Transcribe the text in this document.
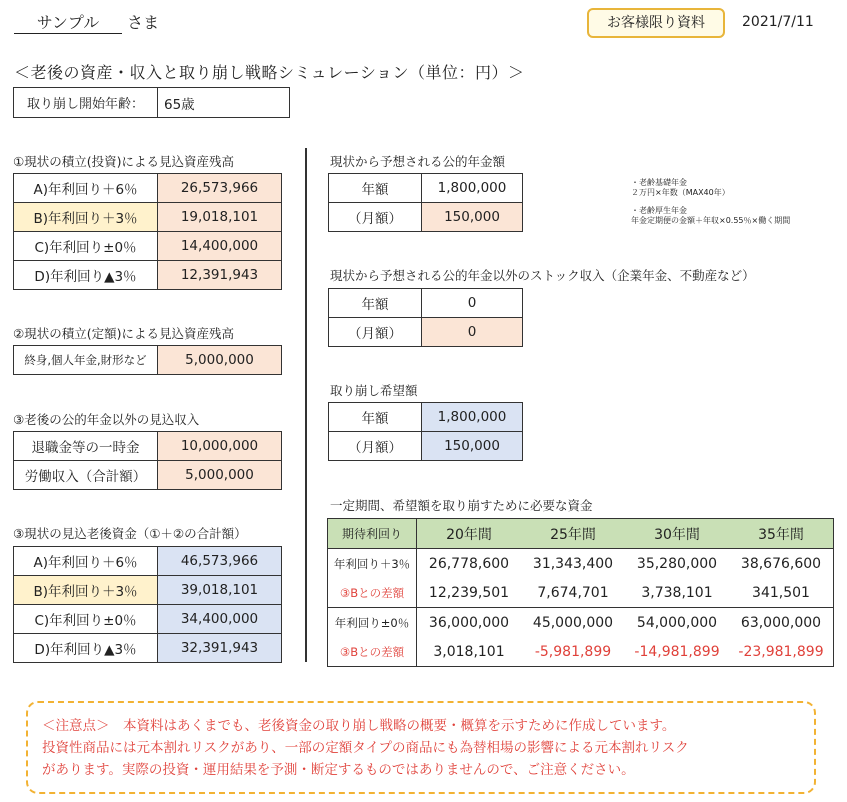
サンプル さま	お客様限り資料	2021/7/11
＜老後の資産・収入と取り崩し戦略シミュレーション（単位：円）＞
取り崩し開始年齢：	65歳
①現状の積立(投資)による見込資産残高
A)年利回り＋6％	26,573,966
B)年利回り＋3％	19,018,101
C)年利回り±0％	14,400,000
D)年利回り▲3％	12,391,943
②現状の積立(定額)による見込資産残高
終身,個人年金,財形など	5,000,000
③老後の公的年金以外の見込収入
退職金等の一時金	10,000,000
労働収入（合計額）	5,000,000
③現状の見込老後資金（①＋②の合計額）
A)年利回り＋6％	46,573,966
B)年利回り＋3％	39,018,101
C)年利回り±0％	34,400,000
D)年利回り▲3％	32,391,943
現状から予想される公的年金額
年額	1,800,000
（月額）	150,000
・老齢基礎年金
２万円×年数（MAX40年）
・老齢厚生年金
年金定期便の金額＋年収×0.55％×働く期間
現状から予想される公的年金以外のストック収入（企業年金、不動産など）
年額	0
（月額）	0
取り崩し希望額
年額	1,800,000
（月額）	150,000
一定期間、希望額を取り崩すために必要な資金
期待利回り	20年間	25年間	30年間	35年間
年利回り＋3％	26,778,600	31,343,400	35,280,000	38,676,600
③Bとの差額	12,239,501	7,674,701	3,738,101	341,501
年利回り±0％	36,000,000	45,000,000	54,000,000	63,000,000
③Bとの差額	3,018,101	-5,981,899	-14,981,899	-23,981,899
＜注意点＞　本資料はあくまでも、老後資金の取り崩し戦略の概要・概算を示すために作成しています。
投資性商品には元本割れリスクがあり、一部の定額タイプの商品にも為替相場の影響による元本割れリスク
があります。実際の投資・運用結果を予測・断定するものではありませんので、ご注意ください。
